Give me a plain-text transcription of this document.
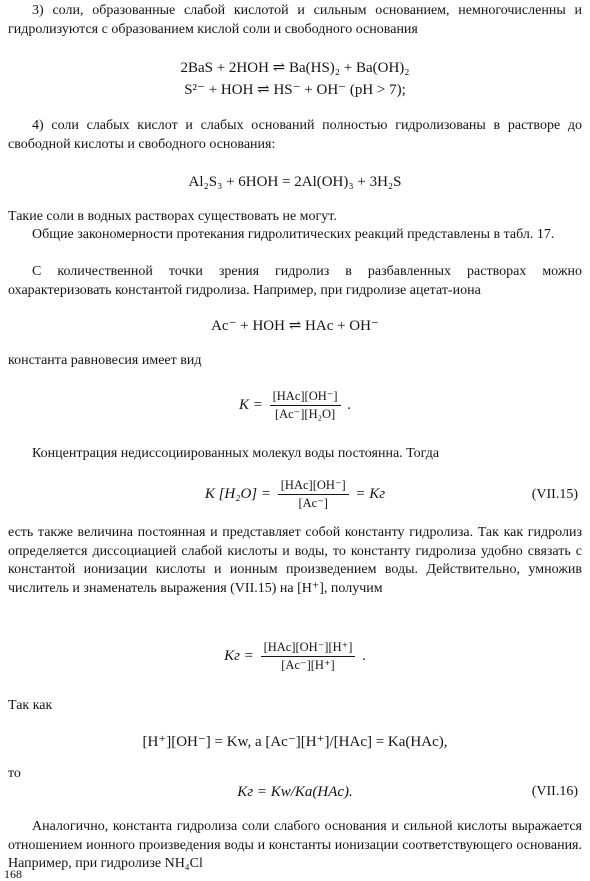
3) соли, образованные слабой кислотой и сильным основанием, немногочисленны и гидролизуются с образованием кислой соли и свободного основания

2BaS + 2HOH ⇌ Ba(HS)₂ + Ba(OH)₂
S²⁻ + HOH ⇌ HS⁻ + OH⁻ (pH > 7);

4) соли слабых кислот и слабых оснований полностью гидролизованы в растворе до свободной кислоты и свободного основания:

Al₂S₃ + 6HOH = 2Al(OH)₃ + 3H₂S

Такие соли в водных растворах существовать не могут.

Общие закономерности протекания гидролитических реакций представлены в табл. 17.

С количественной точки зрения гидролиз в разбавленных растворах можно охарактеризовать константой гидролиза. Например, при гидролизе ацетат-иона

Ac⁻ + HOH ⇌ HAc + OH⁻

константа равновесия имеет вид

$K = \frac{\text{[HAc][OH⁻]}}{\text{[Ac⁻][H₂O]}}$ .

Концентрация недиссоциированных молекул воды постоянна. Тогда

K $[H_2O] = \frac{\text{[HAc][OH⁻]}}{[Ac^-]}$ = Kг	(VII.15)

есть также величина постоянная и представляет собой константу гидролиза. Так как гидролиз определяется диссоциацией слабой кислоты и воды, то константу гидролиза удобно связать с константой ионизации кислоты и ионным произведением воды. Действительно, умножив числитель и знаменатель выражения (VII.15) на [H⁺], получим

Kг = $\frac{\text{[HAc][OH⁻][H⁺]}}{[Ac^-][H^+]}$ .

Так как

[H⁺][OH⁻] = Kw, а [Ac⁻][H⁺]/[HAc] = Ka(HAc),

то

Kг = Kw/Ka(HAc).	(VII.16)

Аналогично, константа гидролиза соли слабого основания и сильной кислоты выражается отношением ионного произведения воды и константы ионизации соответствующего основания. Например, при гидролизе NH₄Cl

168
